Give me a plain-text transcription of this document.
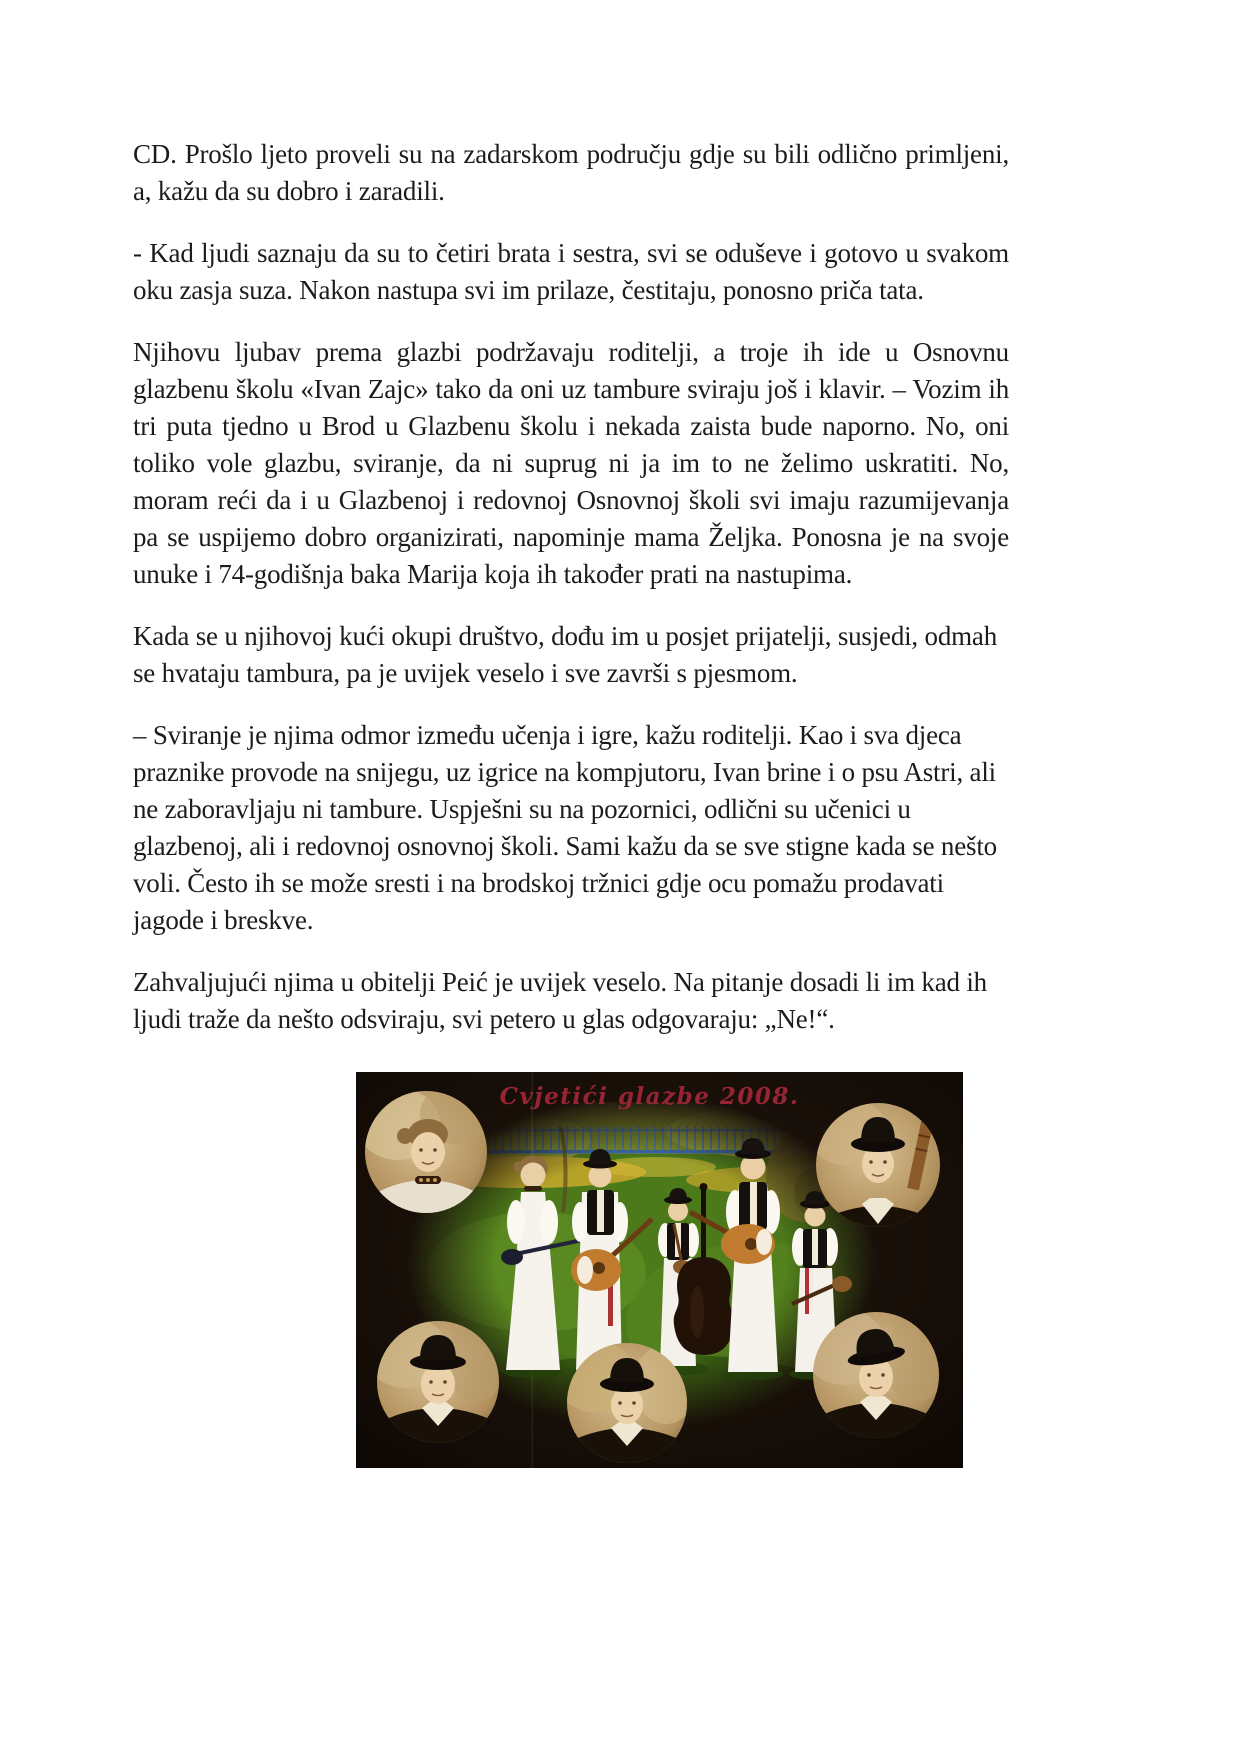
CD. Prošlo ljeto proveli su na zadarskom području gdje su bili odlično primljeni, a, kažu da su dobro i zaradili.

- Kad ljudi saznaju da su to četiri brata i sestra, svi se oduševe i gotovo u svakom oku zasja suza. Nakon nastupa svi im prilaze, čestitaju, ponosno priča tata.

Njihovu ljubav prema glazbi podržavaju roditelji, a troje ih ide u Osnovnu glazbenu školu «Ivan Zajc» tako da oni uz tambure sviraju još i klavir. – Vozim ih tri puta tjedno u Brod u Glazbenu školu i nekada zaista bude naporno. No, oni toliko vole glazbu, sviranje, da ni suprug ni ja im to ne želimo uskratiti. No, moram reći da i u Glazbenoj i redovnoj Osnovnoj školi svi imaju razumijevanja pa se uspijemo dobro organizirati, napominje mama Željka. Ponosna je na svoje unuke i 74-godišnja baka Marija koja ih također prati na nastupima.

Kada se u njihovoj kući okupi društvo, dođu im u posjet prijatelji, susjedi, odmah se hvataju tambura, pa je uvijek veselo i sve završi s pjesmom.

– Sviranje je njima odmor između učenja i igre, kažu roditelji. Kao i sva djeca praznike provode na snijegu, uz igrice na kompjutoru, Ivan brine i o psu Astri, ali ne zaboravljaju ni tambure. Uspješni su na pozornici, odlični su učenici u glazbenoj, ali i redovnoj osnovnoj školi. Sami kažu da se sve stigne kada se nešto voli. Često ih se može sresti i na brodskoj tržnici gdje ocu pomažu prodavati jagode i breskve.

Zahvaljujući njima u obitelji Peić je uvijek veselo. Na pitanje dosadi li im kad ih ljudi traže da nešto odsviraju, svi petero u glas odgovaraju: „Ne!“.

Cvjetići glazbe 2008.
